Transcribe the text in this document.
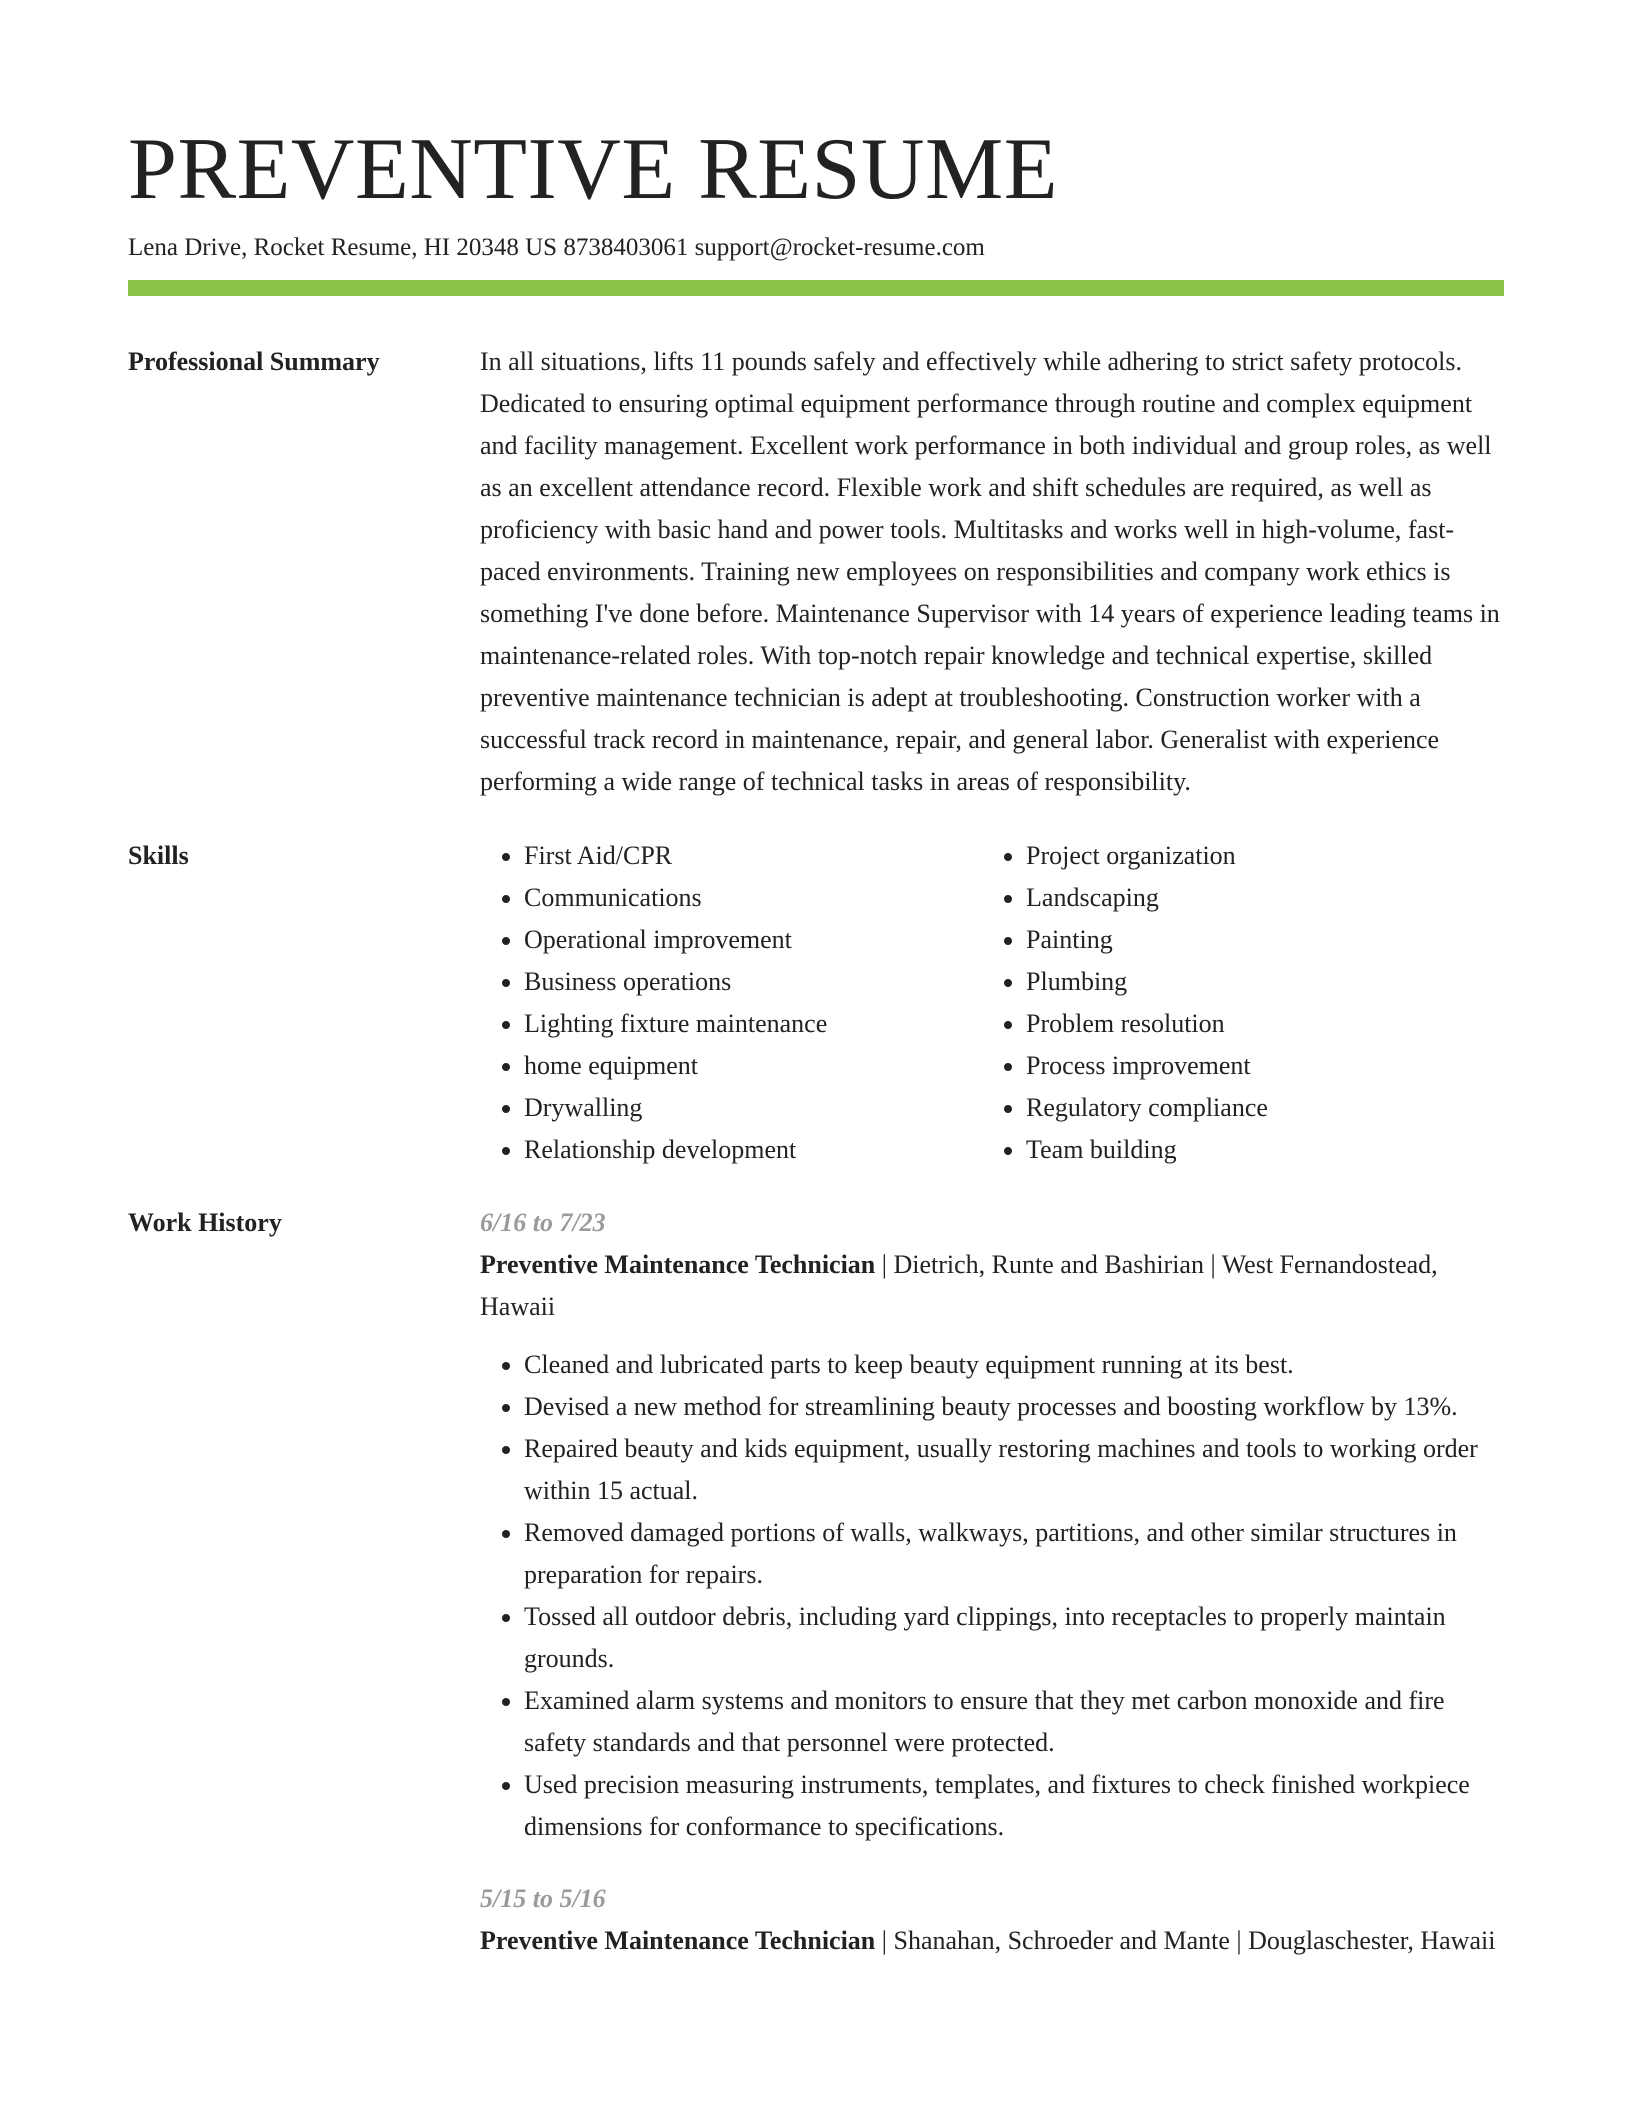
PREVENTIVE RESUME
Lena Drive, Rocket Resume, HI 20348 US 8738403061 support@rocket-resume.com
Professional Summary	In all situations, lifts 11 pounds safely and effectively while adhering to strict safety protocols. Dedicated to ensuring optimal equipment performance through routine and complex equipment and facility management. Excellent work performance in both individual and group roles, as well as an excellent attendance record. Flexible work and shift schedules are required, as well as proficiency with basic hand and power tools. Multitasks and works well in high-volume, fast-paced environments. Training new employees on responsibilities and company work ethics is something I've done before. Maintenance Supervisor with 14 years of experience leading teams in maintenance-related roles. With top-notch repair knowledge and technical expertise, skilled preventive maintenance technician is adept at troubleshooting. Construction worker with a successful track record in maintenance, repair, and general labor. Generalist with experience performing a wide range of technical tasks in areas of responsibility.
Skills
•	First Aid/CPR
• Communications
• Operational improvement
• Business operations
• Lighting fixture maintenance
• home equipment
• Drywalling
• Relationship development
• Project organization
• Landscaping
• Painting
• Plumbing
• Problem resolution
• Process improvement
• Regulatory compliance
• Team building
Work History	6/16 to 7/23
Preventive Maintenance Technician | Dietrich, Runte and Bashirian | West Fernandostead, Hawaii
• Cleaned and lubricated parts to keep beauty equipment running at its best.
• Devised a new method for streamlining beauty processes and boosting workflow by 13%.
• Repaired beauty and kids equipment, usually restoring machines and tools to working order within 15 actual.
• Removed damaged portions of walls, walkways, partitions, and other similar structures in preparation for repairs.
• Tossed all outdoor debris, including yard clippings, into receptacles to properly maintain grounds.
• Examined alarm systems and monitors to ensure that they met carbon monoxide and fire safety standards and that personnel were protected.
• Used precision measuring instruments, templates, and fixtures to check finished workpiece dimensions for conformance to specifications.
5/15 to 5/16
Preventive Maintenance Technician | Shanahan, Schroeder and Mante | Douglaschester, Hawaii
